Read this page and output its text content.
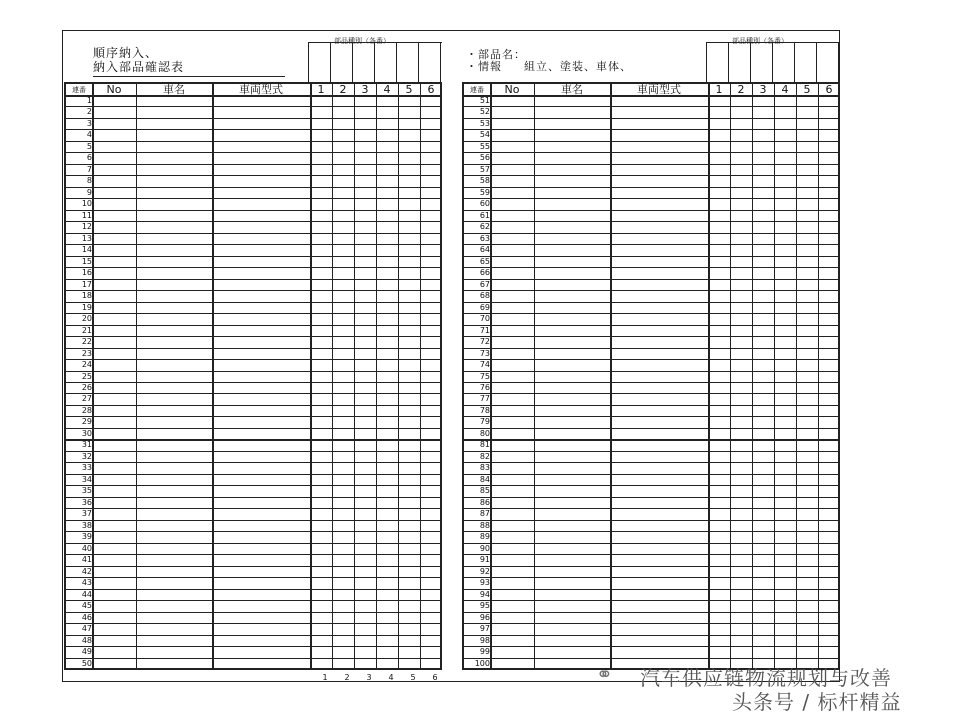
順序納入、
納入部品確認表
・部品名：
・情報 組立、塗装、車体、
部品種別（各番）	部品種別（各番）
連番	No	車名	車両型式	1	2	3	4	5	6
1
2
3
4
5
6
7
8
9
10
11
12
13
14
15
16
17
18
19
20
21
22
23
24
25
26
27
28
29
30
31
32
33
34
35
36
37
38
39
40
41
42
43
44
45
46
47
48
49
50
連番	No	車名	車両型式	1	2	3	4	5	6
51
52
53
54
55
56
57
58
59
60
61
62
63
64
65
66
67
68
69
70
71
72
73
74
75
76
77
78
79
80
81
82
83
84
85
86
87
88
89
90
91
92
93
94
95
96
97
98
99
100
1	2	3	4	5	6	⚭ 汽车供应链物流规划与改善
头条号 / 标杆精益
